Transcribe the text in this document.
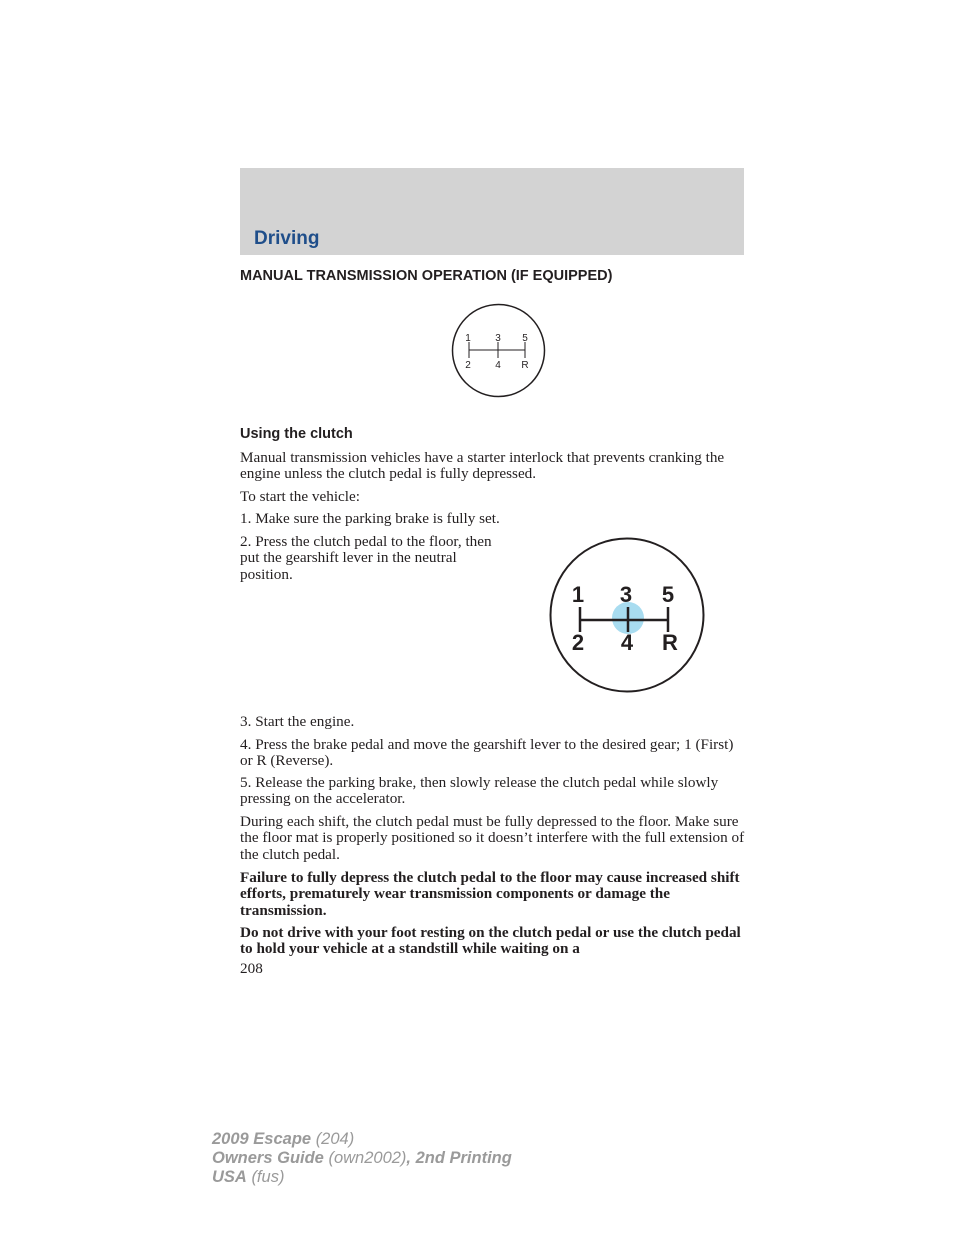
Driving
MANUAL TRANSMISSION OPERATION (IF EQUIPPED)
1 3 5
2 4 R
Using the clutch

Manual transmission vehicles have a starter interlock that prevents cranking the engine unless the clutch pedal is fully depressed.

To start the vehicle:

1. Make sure the parking brake is fully set.

2. Press the clutch pedal to the floor, then put the gearshift lever in the neutral position.

1 3 5
2 4 R

3. Start the engine.

4. Press the brake pedal and move the gearshift lever to the desired gear; 1 (First) or R (Reverse).

5. Release the parking brake, then slowly release the clutch pedal while slowly pressing on the accelerator.

During each shift, the clutch pedal must be fully depressed to the floor. Make sure the floor mat is properly positioned so it doesn’t interfere with the full extension of the clutch pedal.

Failure to fully depress the clutch pedal to the floor may cause increased shift efforts, prematurely wear transmission components or damage the transmission.

Do not drive with your foot resting on the clutch pedal or use the clutch pedal to hold your vehicle at a standstill while waiting on a

208

2009 Escape (204)
Owners Guide (own2002), 2nd Printing
USA (fus)
